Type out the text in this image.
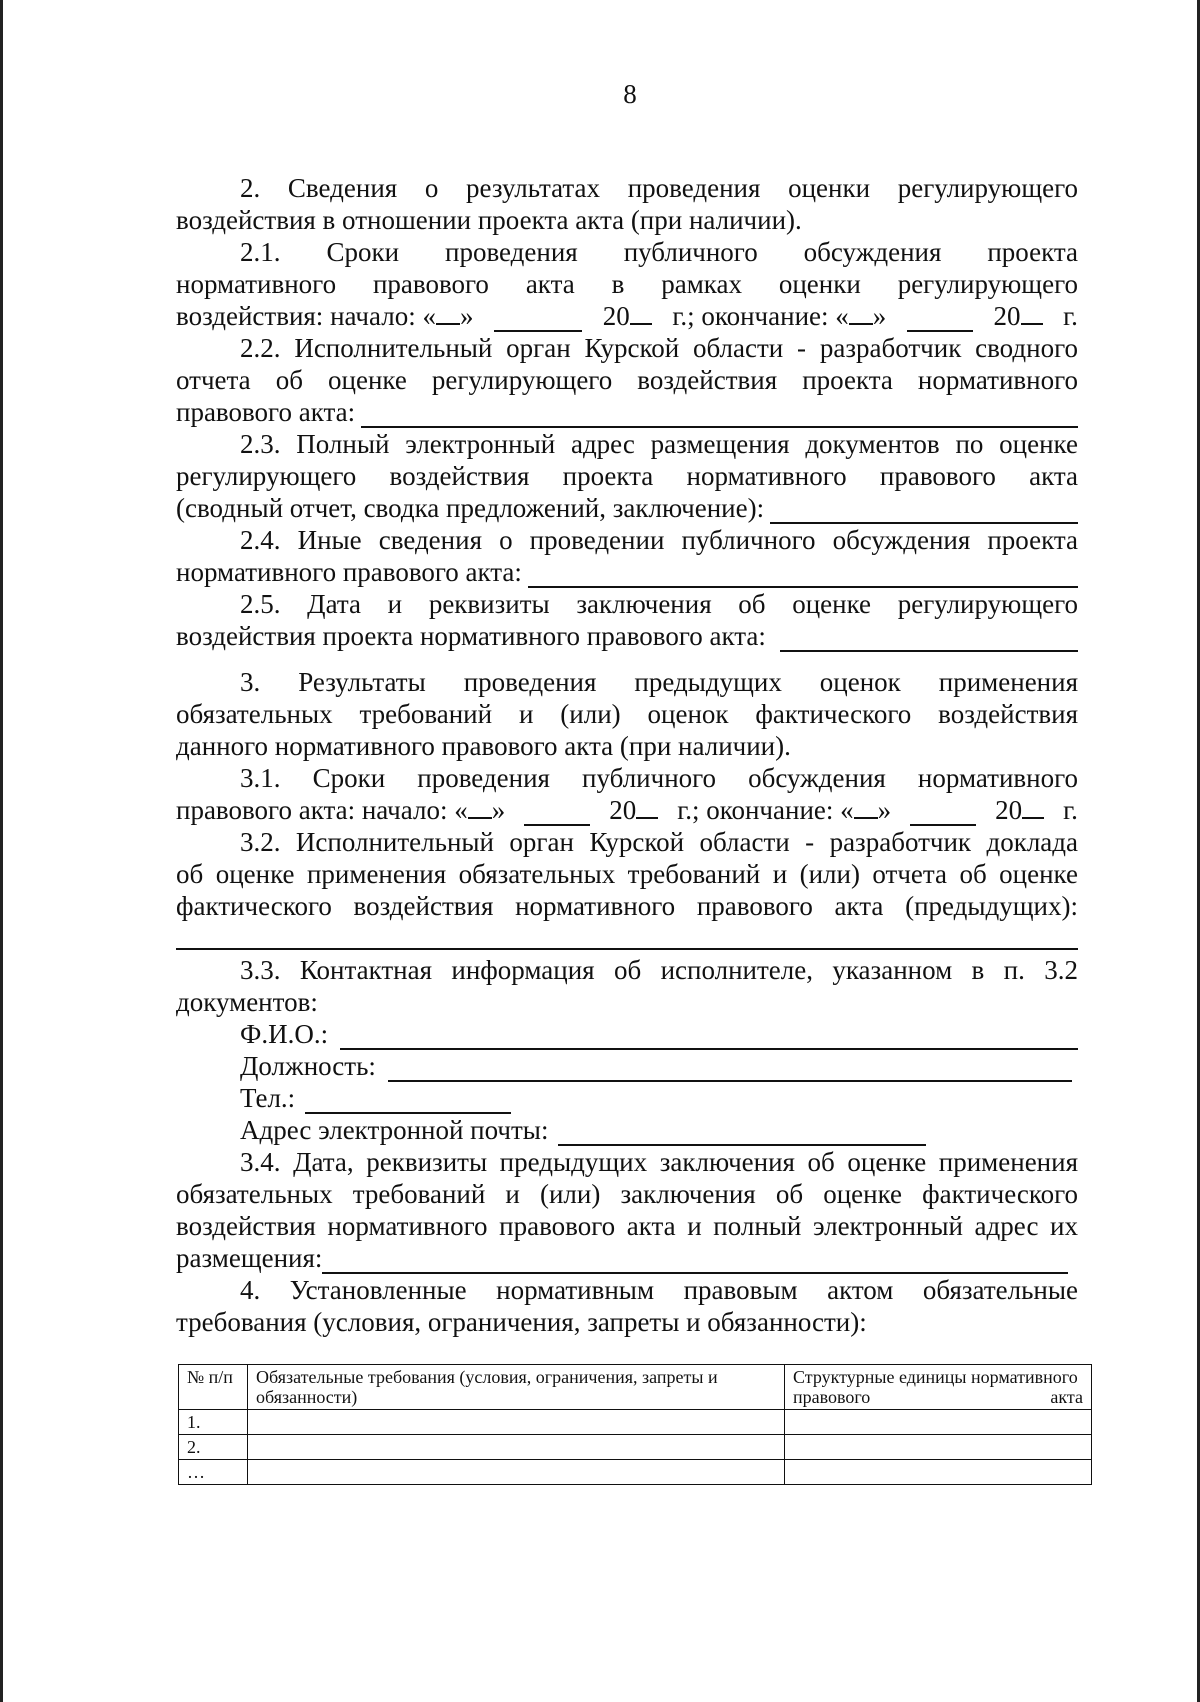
8
2. Сведения о результатах проведения оценки регулирующего
воздействия в отношении проекта акта (при наличии).
2.1. Сроки проведения публичного обсуждения проекта
нормативного правового акта в рамках оценки регулирующего
воздействия: начало: « »	20	г.; окончание: « »	20	г.
2.2. Исполнительный орган Курской области - разработчик сводного
отчета об оценке регулирующего воздействия проекта нормативного
правового акта:
2.3. Полный электронный адрес размещения документов по оценке
регулирующего воздействия проекта нормативного правового акта
(сводный отчет, сводка предложений, заключение):
2.4. Иные сведения о проведении публичного обсуждения проекта
нормативного правового акта:
2.5. Дата и реквизиты заключения об оценке регулирующего
воздействия проекта нормативного правового акта:
3. Результаты проведения предыдущих оценок применения
обязательных требований и (или) оценок фактического воздействия
данного нормативного правового акта (при наличии).
3.1. Сроки проведения публичного обсуждения нормативного
правового акта: начало: « »	20	г.; окончание: « »	20	г.
3.2. Исполнительный орган Курской области - разработчик доклада
об оценке применения обязательных требований и (или) отчета об оценке
фактического воздействия нормативного правового акта (предыдущих):
3.3. Контактная информация об исполнителе, указанном в п. 3.2
документов:
Ф.И.О.:
Должность:
Тел.:
Адрес электронной почты:
3.4. Дата, реквизиты предыдущих заключения об оценке применения
обязательных требований и (или) заключения об оценке фактического
воздействия нормативного правового акта и полный электронный адрес их
размещения:
4. Установленные нормативным правовым актом обязательные
требования (условия, ограничения, запреты и обязанности):
№ п/п	Обязательные требования (условия, ограничения, запреты и обязанности)	Структурные единицы нормативного правового акта
1.		
2.		
…		
